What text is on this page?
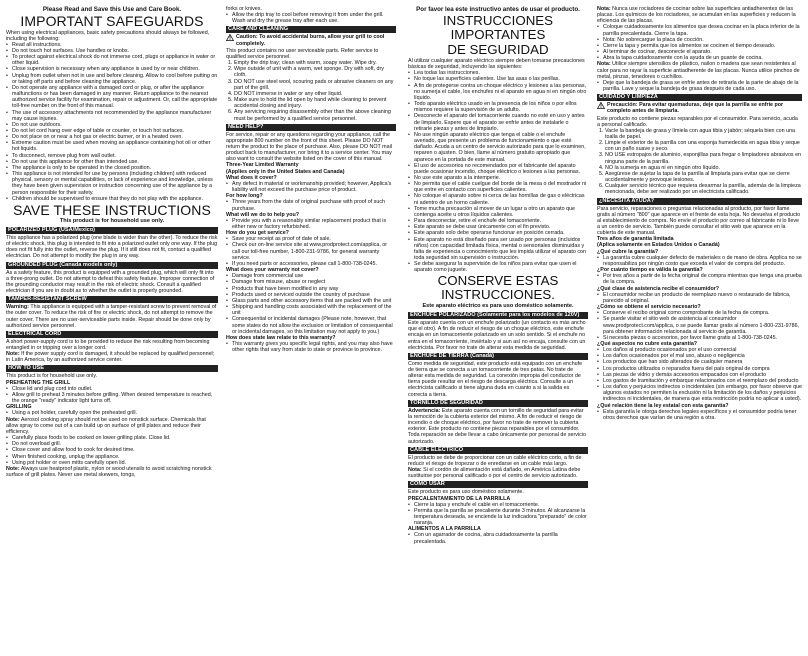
Please Read and Save this Use and Care Book.
IMPORTANT SAFEGUARDS

When using electrical appliances, basic safety precautions should always be followed, including the following:

• Read all instructions.
• Do not touch hot surfaces. Use handles or knobs.
• To protect against electrical shock do not immerse cord, plugs or appliance in water or other liquid.
• Close supervision is necessary when any appliance is used by or near children.
• Unplug from outlet when not in use and before cleaning. Allow to cool before putting on or taking off parts and before cleaning the appliance.
• Do not operate any appliance with a damaged cord or plug, or after the appliance malfunctions or has been damaged in any manner. Return appliance to the nearest authorized service facility for examination, repair or adjustment. Or, call the appropriate toll-free number on the front of this manual.
• The use of accessory attachments not recommended by the appliance manufacturer may cause injuries.
• Do not use outdoors.
• Do not let cord hang over edge of table or counter, or touch hot surfaces.
• Do not place on or near a hot gas or electric burner, or in a heated oven.
• Extreme caution must be used when moving an appliance containing hot oil or other hot liquids.
• To disconnect, remove plug from wall outlet.
• Do not use this appliance for other than intended use.
• The appliance is only to be operated in the closed position.
• This appliance is not intended for use by persons (including children) with reduced physical, sensory or mental capabilities, or lack of experience and knowledge, unless they have been given supervision or instruction concerning use of the appliance by a person responsible for their safety.
• Children should be supervised to ensure that they do not play with the appliance.
SAVE THESE INSTRUCTIONS
This product is for household use only.
POLARIZED PLUG (USA/Mexico)

This appliance has a polarized plug (one blade is wider than the other). To reduce the risk of electric shock, this plug is intended to fit into a polarized outlet only one way. If the plug does not fit fully into the outlet, reverse the plug. If it still does not fit, contact a qualified electrician. Do not attempt to modify the plug in any way.

GROUNDED PLUG (Canada models only)

As a safety feature, this product is equipped with a grounded plug, which will only fit into a three-prong outlet. Do not attempt to defeat this safety feature. Improper connection of the grounding conductor may result in the risk of electric shock. Consult a qualified electrician if you are in doubt as to whether the outlet is properly grounded.

TAMPER-RESISTANT SCREW

Warning: This appliance is equipped with a tamper-resistant screw to prevent removal of the outer cover. To reduce the risk of fire or electric shock, do not attempt to remove the outer cover. There are no user-serviceable parts inside. Repair should be done only by authorized service personnel.

ELECTRICAL CORD

A short power-supply cord is to be provided to reduce the risk resulting from becoming entangled in or tripping over a longer cord.

Note: If the power supply cord is damaged, it should be replaced by qualified personnel; in Latin America, by an authorized service center.

HOW TO USE

This product is for household use only.

PREHEATING THE GRILL

• Close lid and plug cord into outlet.
• Allow grill to preheat 3 minutes before grilling. When desired temperature is reached, the orange "ready" indicator light turns off.

GRILLING

• Using a pot holder, carefully open the preheated grill.

Note: Aerosol cooking spray should not be used on nonstick surface. Chemicals that allow spray to come out of a can build up on surface of grill plates and reduce their efficiency.

• Carefully place foods to be cooked on lower grilling plate. Close lid.
• Do not overload grill.
• Close cover and allow food to cook for desired time.
• When finished cooking, unplug the appliance.
• Using pot holder or oven mitts carefully open lid.

Note: Always use heatproof plastic, nylon or wood utensils to avoid scratching nonstick surface of grill plates. Never use metal skewers, tongs,

forks or knives.

• Allow the drip tray to cool before removing it from under the grill. Wash and dry the grease tray after each use.
CARE AND CLEANING
Caution: To avoid accidental burns, allow your grill to cool completely.

This product contains no user serviceable parts. Refer service to qualified service personnel.

1. Empty the drip tray; clean with warm, soapy water. Wipe dry.
2. Wipe outside of unit with a warm, wet sponge. Dry with soft, dry cloth.
3. DO NOT use steel wool, scouring pads or abrasive cleaners on any part of the grill.
4. DO NOT immerse in water or any other liquid.
5. Make sure to hold the lid open by hand while cleaning to prevent accidental closing and injury.
6. Any servicing requiring disassembly other than the above cleaning must be performed by a qualified service personnel.
NEED HELP?

For service, repair or any questions regarding your appliance, call the appropriate 800 number on the front of this sheet. Please DO NOT return the product to the place of purchase. Also, please DO NOT mail product back to manufacturer, nor bring it to a service center. You may also want to consult the website listed on the cover of this manual.

Three-Year Limited Warranty

(Applies only in the United States and Canada)

What does it cover?

• Any defect in material or workmanship provided; however, Applica's liability will not exceed the purchase price of product.

For how long?

• Three years from the date of original purchase with proof of such purchase.

What will we do to help you?

• Provide you with a reasonably similar replacement product that is either new or factory refurbished.

How do you get service?

• Save your receipt as proof of date of sale.
• Check our on-line service site at www.prodprotect.com/applica, or call our toll-free number, 1-800-231-9786, for general warranty service.
• If you need parts or accessories, please call 1-800-738-0245.

What does your warranty not cover?

• Damage from commercial use
• Damage from misuse, abuse or neglect
• Products that have been modified in any way
• Products used or serviced outside the country of purchase
• Glass parts and other accessory items that are packed with the unit
• Shipping and handling costs associated with the replacement of the unit
• Consequential or incidental damages (Please note, however, that some states do not allow the exclusion or limitation of consequential or incidental damages, so this limitation may not apply to you.)

How does state law relate to this warranty?

• This warranty gives you specific legal rights, and you may also have other rights that vary from state to state or province to province.
Por favor lea este instructivo antes de usar el producto.
INSTRUCCIONES IMPORTANTES
DE SEGURIDAD

Al utilizar cualquier aparato eléctrico siempre deben tomarse precauciones básicas de seguridad, incluyendo las siguientes:

• Lea todas las instrucciones.
• No toque las superficies calientes. Use las asas o las perillas.
• A fin de protegerse contra un choque eléctrico y lesiones a las personas, no sumerja el cable, los enchufes ni el aparato en agua ni en ningún otro líquido.
• Todo aparato eléctrico usado en la presencia de los niños o por ellos mismos requiere la supervisión de un adulto.
• Desconecte el aparato del tomacorriente cuando no esté en uso y antes de limpiarlo. Espere que el aparato se enfríe antes de instalarle o retirarle piezas y antes de limpiarlo.
• No use ningún aparato eléctrico que tenga el cable o el enchufe averiado, que presente un problema de funcionamiento o que esté dañado. Acuda a un centro de servicio autorizado para que lo examinen, reparen o ajusten. O bien, llame al número gratuito apropiado que aparece en la portada de este manual.
• El uso de accesorios no recomendados por el fabricante del aparato puede ocasionar incendio, choque eléctrico o lesiones a las personas.
• No use este aparato a la intemperie.
• No permita que el cable cuelgue del borde de la mesa o del mostrador ni que entre en contacto con superficies calientes.
• No coloque el aparato sobre ni cerca de las hornillas de gas o eléctricas ni adentro de un horno caliente.
• Tome mucha precaución al mover de un lugar a otro un aparato que contenga aceite u otros líquidos calientes.
• Para desconectar, retire el enchufe del tomacorriente.
• Este aparato se debe usar únicamente con el fin previsto.
• Este aparato solo debe operarse funcionar en posición cerrada.
• Este aparato no está diseñado para ser usado por personas (incluidos niños) con capacidad limitada física, mental o sensoriales disminuidas y falta de experiencia o conocimiento que les impida utilizar el aparato con toda seguridad sin supervisión o instrucción.
• Se debe asegurar la supervisión de los niños para evitar que usen el aparato como juguete.
CONSERVE ESTAS INSTRUCCIONES.
Este aparato eléctrico es para uso doméstico solamente.
ENCHUFE POLARIZADO (Solamente para los modelos de 120V)

Este aparato cuenta con un enchufe polarizado (un contacto es más ancho que el otro). A fin de reducir el riesgo de un choque eléctrico, este enchufe encaja en un tomacorriente polarizado en un solo sentido. Si el enchufe no entra en el tomacorriente, inviértalo y si aun así no encaja, consulte con un electricista. Por favor no trate de alterar esta medida de seguridad.

ENCHUFE DE TIERRA (Canadá)

Como medida de seguridad, este producto está equipado con un enchufe de tierra que se conecta a un tomacorriente de tres patas. No trate de alterar esta medida de seguridad. La conexión impropia del conductor de tierra puede resultar en el riesgo de descarga eléctrica. Consulte a un electricista calificado si tiene alguna duda en cuanto a si la salida es correcta a tierra.

TORNILLO DE SEGURIDAD

Advertencia: Este aparato cuenta con un tornillo de seguridad para evitar la remoción de la cubierta exterior del mismo. A fin de reducir el riesgo de incendio o de choque eléctrico, por favor no trate de remover la cubierta exterior. Este producto no contiene piezas reparables por el consumidor. Toda reparación se debe llevar a cabo únicamente por personal de servicio autorizado.

CABLE ELÉCTRICO

El producto se debe de proporcionar con un cable eléctrico corto, a fin de reducir el riesgo de tropezar o de enredarse en un cable más largo.

Nota: Si el cordón de alimentación está dañado, en América Latina debe sustituirse por personal calificado o por el centro de servicio autorizado.

COMO USAR

Este producto es para uso doméstico solamente.

PRECALENTAMIENTO DE LA PARRILLA

• Cierre la tapa y enchufe el cable en el tomacorriente.
• Permita que la parrilla se precaliente durante 3 minutos. Al alcanzarse la temperatura deseada, se enciende la luz indicadora "preparado" de color naranja.

ALIMENTOS A LA PARRILLA

• Con un agarrador de cocina, abra cuidadosamente la parrilla precalentada.

Nota: Nunca use rociadores de cocinar sobre las superficies antiadherentes de las placas. Los químicos de los rociadores, se acumulan en las superficies y reducen la eficiencia de las placas.

• Coloque cuidadosamente los alimentos que desea cocinar en la placa inferior de la parrilla precalentada. Cierre la tapa.
• Nota: No sobrecargue la placa de cocción.
• Cierre la tapa y permita que los alimentos se cocinen el tiempo deseado.
• Al terminar de cocinar, desconecte el aparato.
• Abra la tapa cuidadosamente con la ayuda de un guante de cocina.

Nota: Utilice siempre utensilios de plástico, nailon o madera que sean resistentes al calor para no rayar la superficie antiadherente de las placas. Nunca utilice pinchos de metal, pinzas, tenedores o cuchillos.

• Deje que la bandeja de grasa se enfríe antes de retirarla de la parte de abajo de la parrilla. Lave y seque la bandeja de grasa después de cada uso.
CUIDADO Y LIMPIEZA
Precaución: Para evitar quemaduras, deje que la parrilla se enfríe por completo antes de limpiarla.

Este producto no contiene piezas reparables por el consumidor. Para servicio, acuda a personal calificado.

1. Vacíe la bandeja de grasa y límiela con agua tibia y jabón; séquela bien con una toalla de papel.
2. Limpie el exterior de la parrilla con una esponja humedecida en agua tibia y seque con un paño suave y seco.
3. NO USE estropajos de aluminio, esponjillas para fregar o limpiadores abrasivos en ninguna parte de la parrilla.
4. NO la sumerja en agua ni en ningún otro líquido.
5. Asegúrese de sujetar la tapa de la parrilla al limpiarla para evitar que se cierre accidentalmente y provoque lesiones.
6. Cualquier servicio técnico que requiera desarmar la parrilla, además de la limpieza mencionada, debe ser realizado por un electricista calificado.
¿NECESITA AYUDA?

Para servicio, reparaciones o preguntas relacionadas al producto, por favor llame gratis al número "800" que aparece en el frente de esta hoja. No devuelva el producto al establecimiento de compra. No envíe el producto por correo al fabricante ni lo lleve a un centro de servicio. También puede consultar el sitio web que aparece en la cubierta de este manual.

Tres años de garantía limitada

(Aplica solamente en Estados Unidos o Canadá)

¿Qué cubre la garantía?

• La garantía cubre cualquier defecto de materiales o de mano de obra. Applica no se responsabiliza por ningún costo que exceda el valor de compra del producto.

¿Por cuánto tiempo es válida la garantía?

• Por tres años a partir de la fecha original de compra mientras que tenga una prueba de la compra.

¿Qué clase de asistencia recibe el consumidor?

• El consumidor recibe un producto de reemplazo nuevo o restaurado de fábrica, parecido al original.

¿Cómo se obtiene el servicio necesario?

• Conserve el recibo original como comprobante de la fecha de compra.
• Se puede visitar el sitio web de asistencia al consumidor www.prodprotect.com/applica, o se puede llamar gratis al número 1-800-231-9786, para obtener información relacionada al servicio de garantía.
• Si necesita piezas o accesorios, por favor llame gratis al 1-800-738-0245.

¿Qué aspectos no cubre esta garantía?

• Los daños al producto ocasionados por el uso comercial
• Los daños ocasionados por el mal uso, abuso o negligencia
• Los productos que han sido alterados de cualquier manera
• Los productos utilizados o reparados fuera del país original de compra
• Las piezas de vidrio y demás accesorios empacados con el producto
• Los gastos de tramitación y embarque relacionados con el reemplazo del producto
• Los daños y perjuicios indirectos o incidentales (sin embargo, por favor observe que algunos estados no permiten la exclusión ni la limitación de los daños y perjuicios indirectos ni incidentales, de manera que esta restricción podría no aplicar a usted).

¿Qué relación tiene la ley estatal con esta garantía?

• Esta garantía le otorga derechos legales específicos y el consumidor podría tener otros derechos que varían de una región a otra.
